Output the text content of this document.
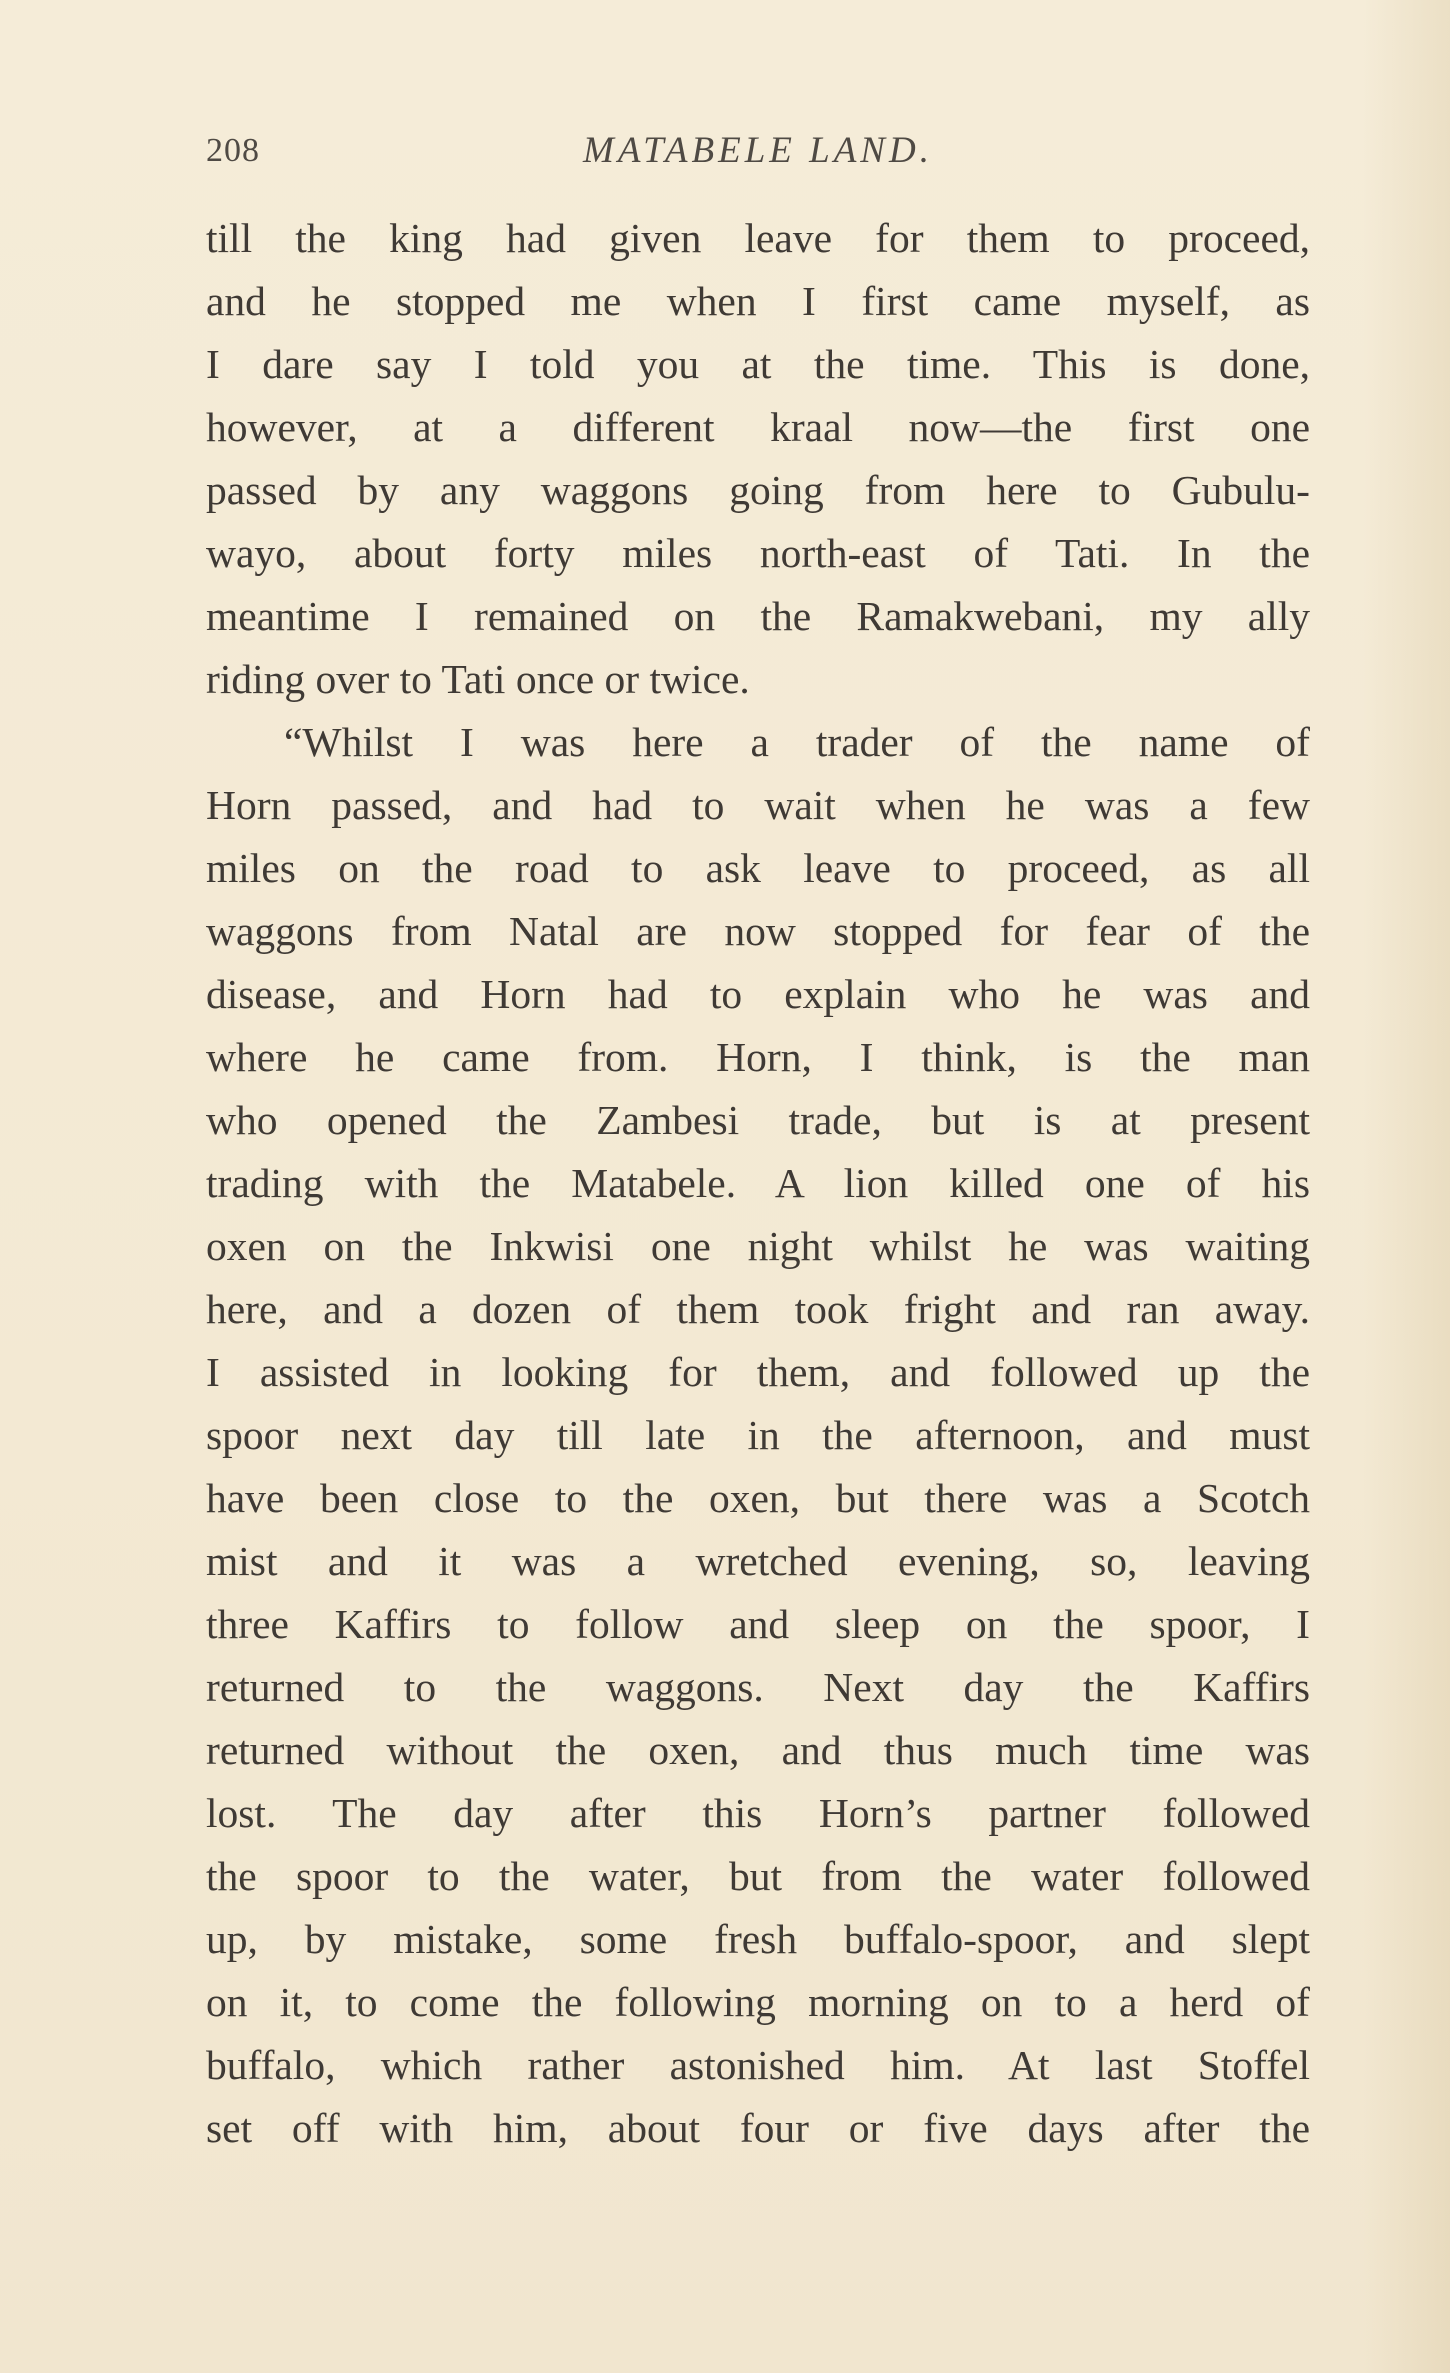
208	MATABELE LAND.
till the king had given leave for them to proceed,
and he stopped me when I first came myself, as
I dare say I told you at the time. This is done,
however, at a different kraal now—the first one
passed by any waggons going from here to Gubulu-
wayo, about forty miles north-east of Tati. In the
meantime I remained on the Ramakwebani, my ally
riding over to Tati once or twice.
“Whilst I was here a trader of the name of
Horn passed, and had to wait when he was a few
miles on the road to ask leave to proceed, as all
waggons from Natal are now stopped for fear of the
disease, and Horn had to explain who he was and
where he came from. Horn, I think, is the man
who opened the Zambesi trade, but is at present
trading with the Matabele. A lion killed one of his
oxen on the Inkwisi one night whilst he was waiting
here, and a dozen of them took fright and ran away.
I assisted in looking for them, and followed up the
spoor next day till late in the afternoon, and must
have been close to the oxen, but there was a Scotch
mist and it was a wretched evening, so, leaving
three Kaffirs to follow and sleep on the spoor, I
returned to the waggons. Next day the Kaffirs
returned without the oxen, and thus much time was
lost. The day after this Horn’s partner followed
the spoor to the water, but from the water followed
up, by mistake, some fresh buffalo-spoor, and slept
on it, to come the following morning on to a herd of
buffalo, which rather astonished him. At last Stoffel
set off with him, about four or five days after the
